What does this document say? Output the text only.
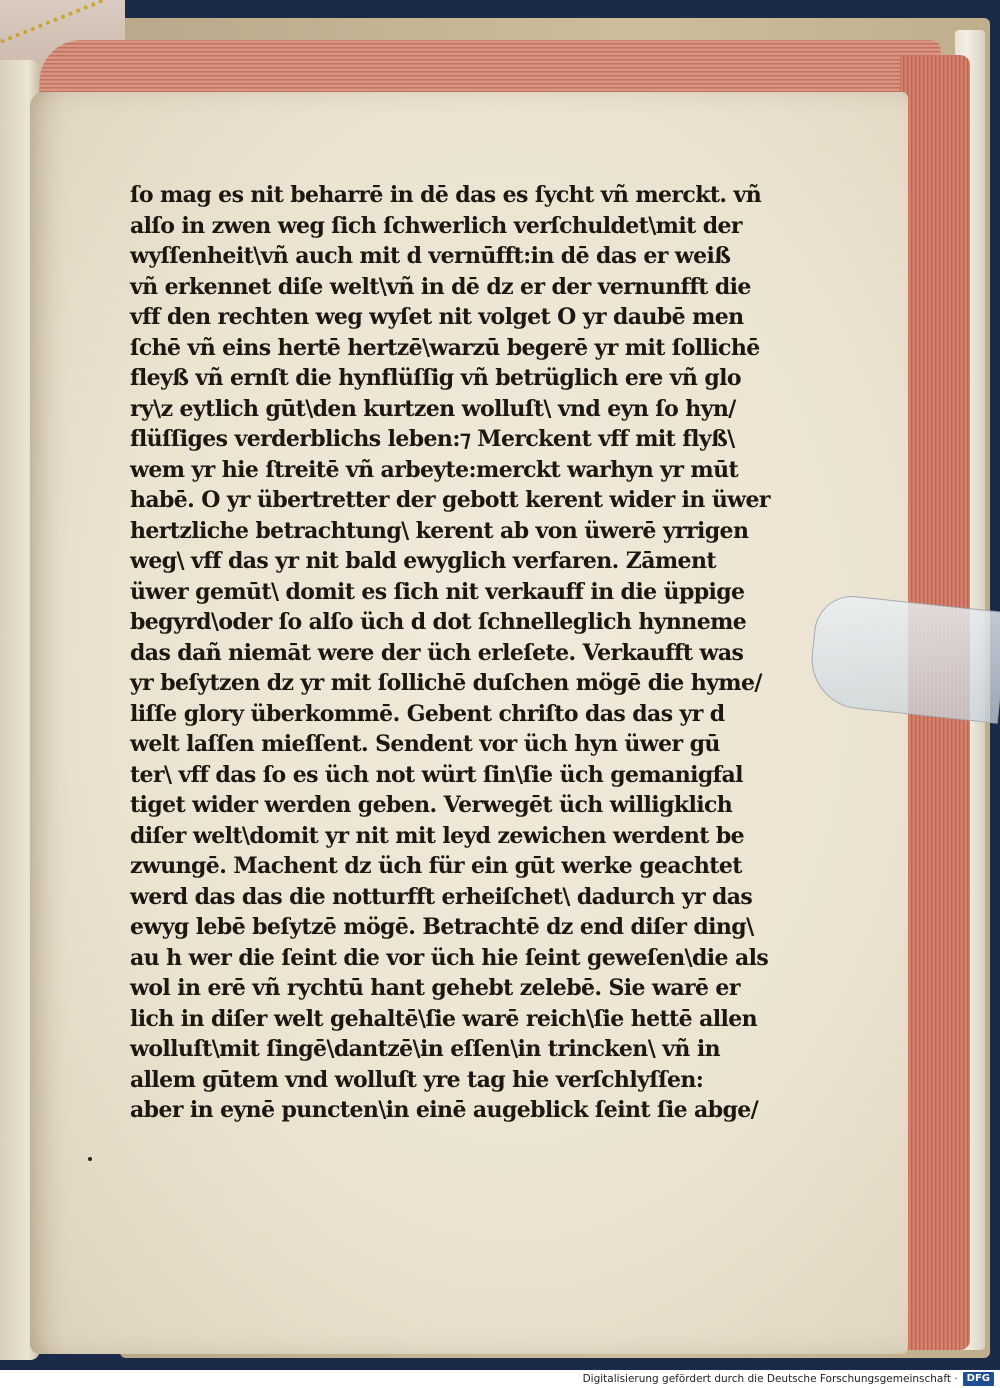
ſo mag es nit beharrē in dē das es ſycht vñ merckt. vñ
alſo in zwen weg ſich ſchwerlich verſchuldet\mit der
wyſſenheit\vñ auch mit d vernūfft:in dē das er weiß
vñ erkennet diſe welt\vñ in dē dz er der vernunfft die
vff den rechten weg wyſet nit volget O yr daubē men
ſchē vñ eins hertē hertzē\warzū begerē yr mit ſollichē
fleyß vñ ernſt die hynflüſſig vñ betrüglich ere vñ glo
ry\z eytlich gūt\den kurtzen wolluſt\ vnd eyn ſo hyn/
flüſſiges verderblichs leben:⁊ Merckent vff mit flyß\
wem yr hie ſtreitē vñ arbeyte:merckt warhyn yr mūt
habē. O yr übertretter der gebott kerent wider in üwer
hertzliche betrachtung\ kerent ab von üwerē yrrigen
weg\ vff das yr nit bald ewyglich verfaren. Zāment
üwer gemūt\ domit es ſich nit verkauff in die üppige
begyrd\oder ſo alſo üch d dot ſchnelleglich hynneme
das dañ niemāt were der üch erleſete. Verkaufft was
yr beſytzen dz yr mit ſollichē duſchen mögē die hyme/
liſſe glory überkommē. Gebent chriſto das das yr d
welt laſſen mieſſent. Sendent vor üch hyn üwer gū
ter\ vff das ſo es üch not würt ſin\ſie üch gemanigfal
tiget wider werden geben. Verwegēt üch willigklich
diſer welt\domit yr nit mit leyd zewichen werdent be
zwungē. Machent dz üch für ein gūt werke geachtet
werd das das die notturfft erheiſchet\ dadurch yr das
ewyg lebē beſytzē mögē. Betrachtē dz end diſer ding\
au h wer die ſeint die vor üch hie ſeint geweſen\die als
wol in erē vñ rychtū hant gehebt zelebē. Sie warē er
lich in diſer welt gehaltē\ſie warē reich\ſie hettē allen
wolluſt\mit ſingē\dantzē\in eſſen\in trincken\ vñ in
allem gūtem vnd wolluſt yre tag hie verſchlyſſen:
aber in eynē puncten\in einē augeblick ſeint ſie abge/
Digitalisierung gefördert durch die Deutsche Forschungsgemeinschaft · DFG
